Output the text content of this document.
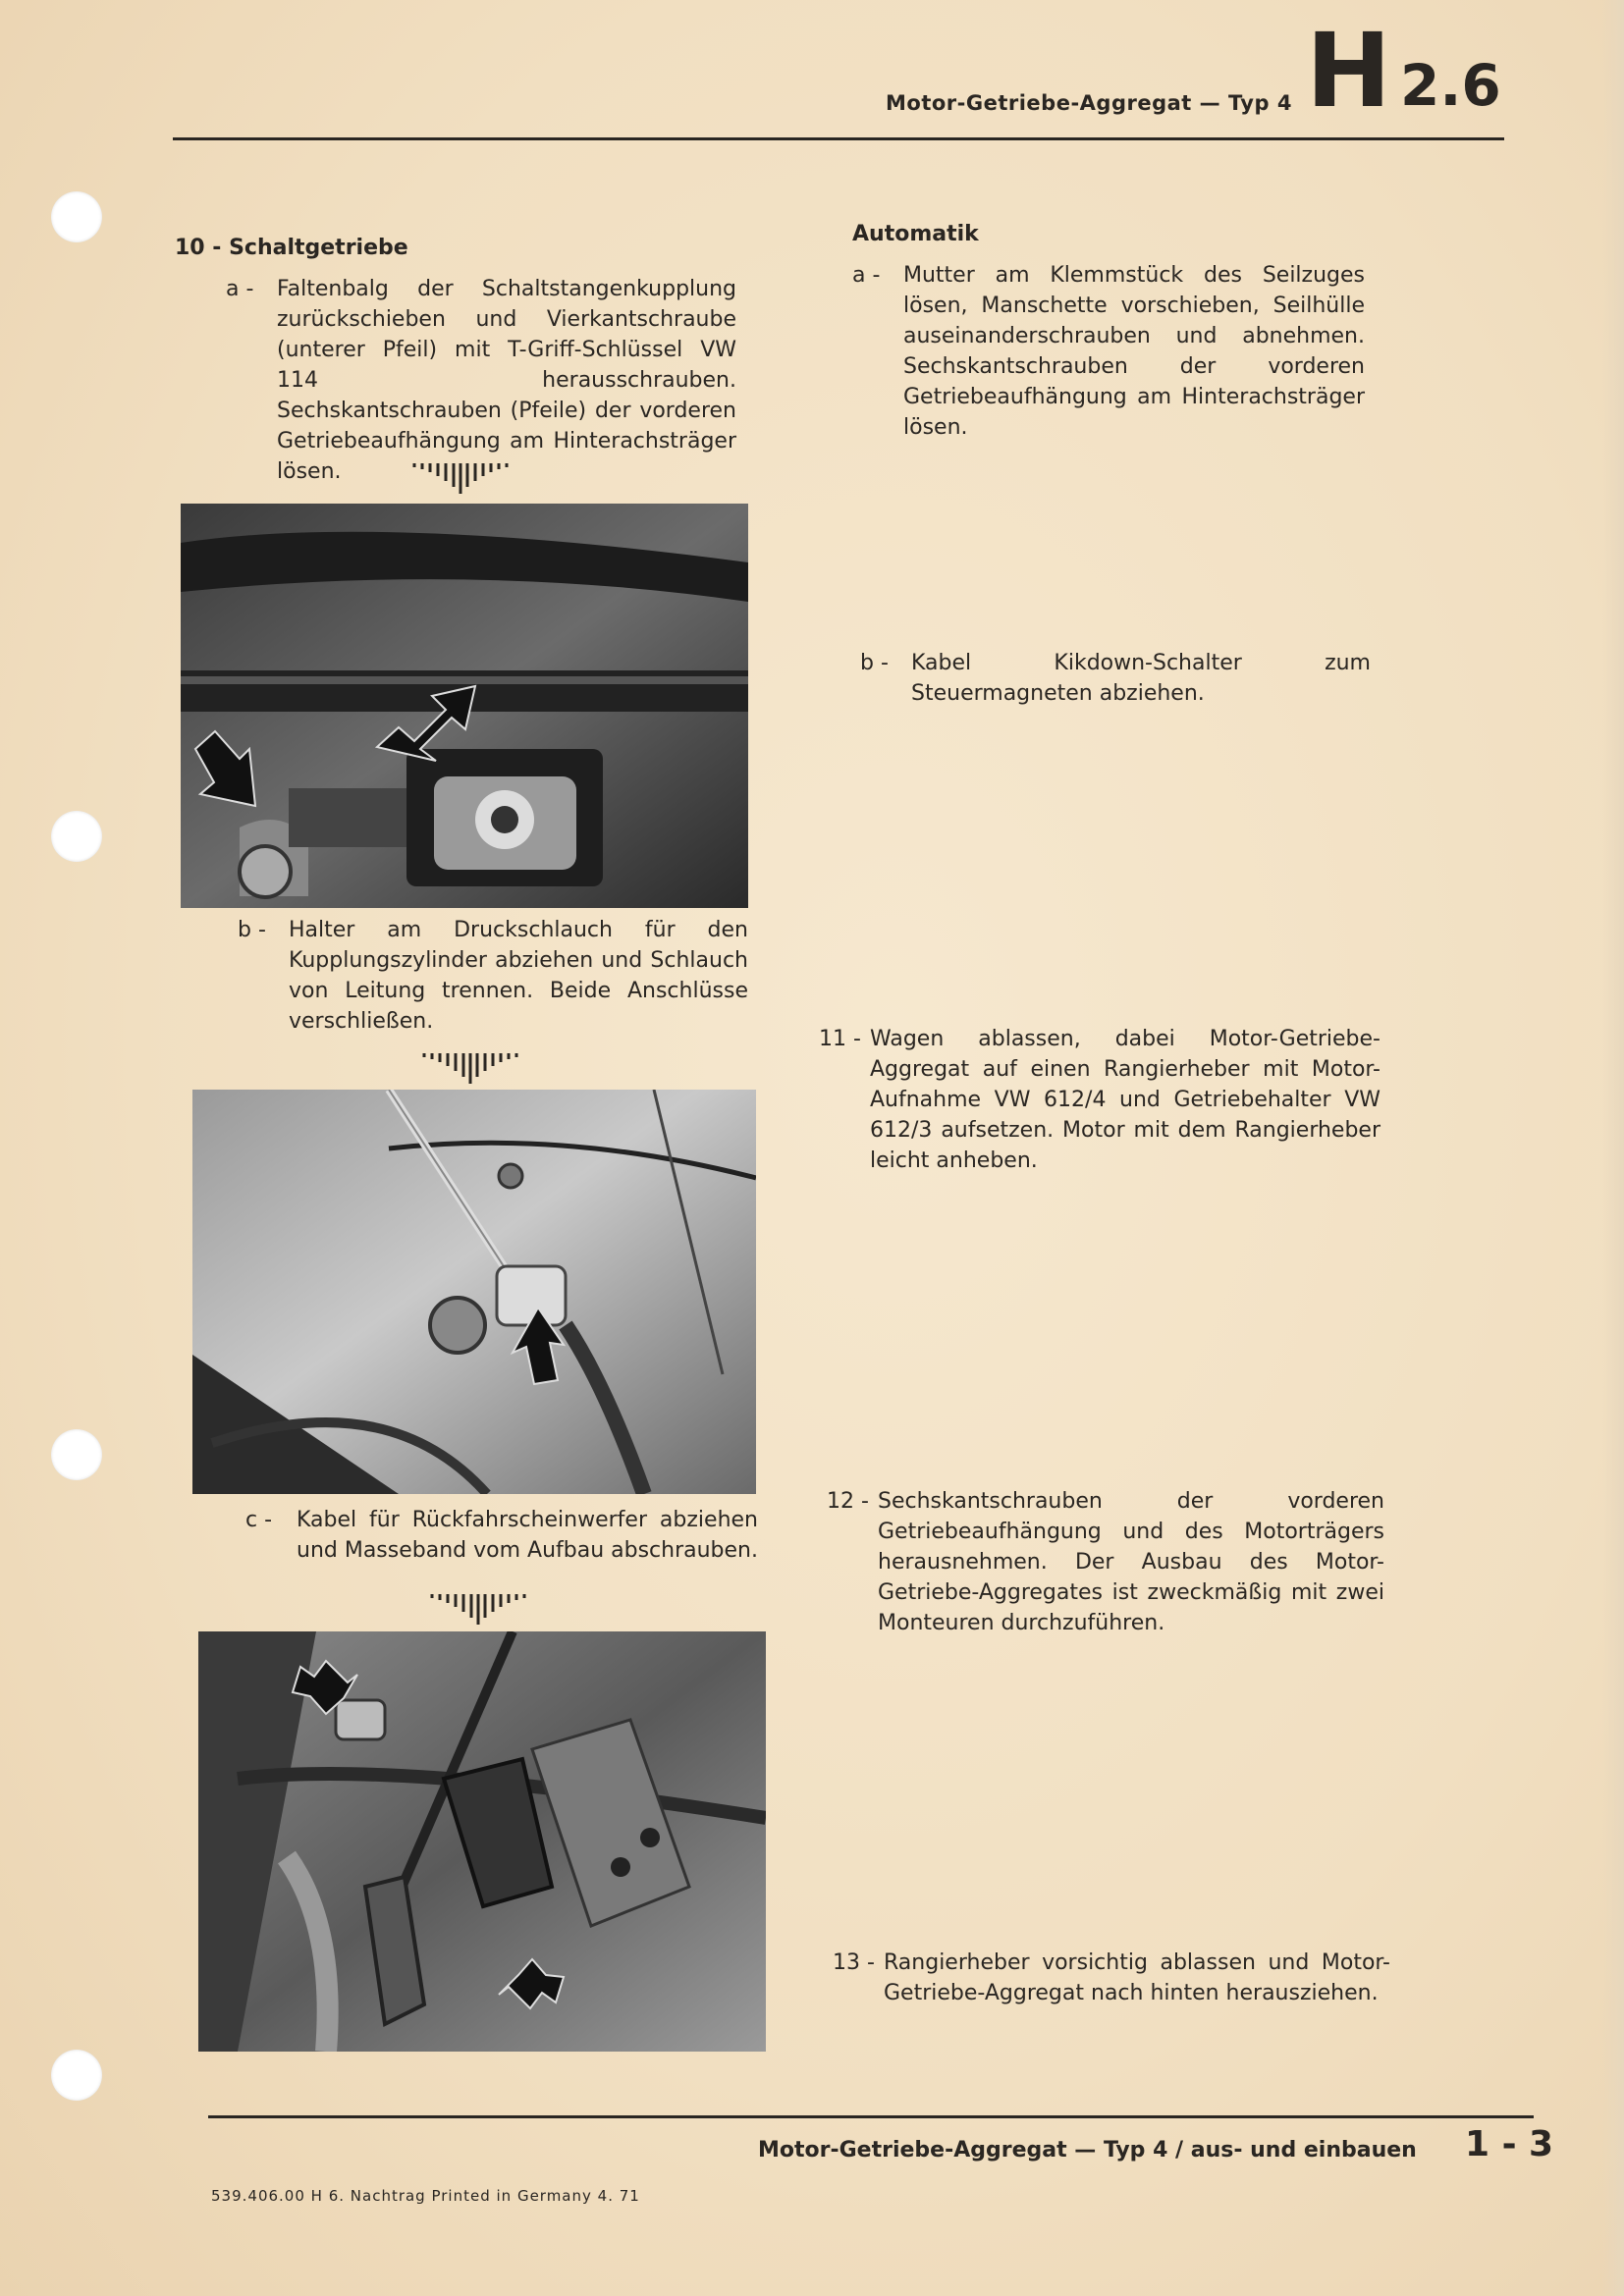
Motor-Getriebe-Aggregat — Typ 4 H 2.6
10 - Schaltgetriebe

a - Faltenbalg der Schaltstangenkupplung zurückschieben und Vierkantschraube (unterer Pfeil) mit T-Griff-Schlüssel VW 114 herausschrauben. Sechskantschrauben (Pfeile) der vorderen Getriebeaufhängung am Hinterachsträger lösen.

b - Halter am Druckschlauch für den Kupplungszylinder abziehen und Schlauch von Leitung trennen. Beide Anschlüsse verschließen.

c - Kabel für Rückfahrscheinwerfer abziehen und Masseband vom Aufbau abschrauben.

Automatik

a - Mutter am Klemmstück des Seilzuges lösen, Manschette vorschieben, Seilhülle auseinanderschrauben und abnehmen. Sechskantschrauben der vorderen Getriebeaufhängung am Hinterachsträger lösen.

b - Kabel Kikdown-Schalter zum Steuermagneten abziehen.

11 - Wagen ablassen, dabei Motor-Getriebe-Aggregat auf einen Rangierheber mit Motor-Aufnahme VW 612/4 und Getriebehalter VW 612/3 aufsetzen. Motor mit dem Rangierheber leicht anheben.

12 - Sechskantschrauben der vorderen Getriebeaufhängung und des Motorträgers herausnehmen. Der Ausbau des Motor-Getriebe-Aggregates ist zweckmäßig mit zwei Monteuren durchzuführen.

13 - Rangierheber vorsichtig ablassen und Motor-Getriebe-Aggregat nach hinten herausziehen.

Motor-Getriebe-Aggregat — Typ 4 / aus- und einbauen 1 - 3
539.406.00 H 6. Nachtrag Printed in Germany 4. 71
